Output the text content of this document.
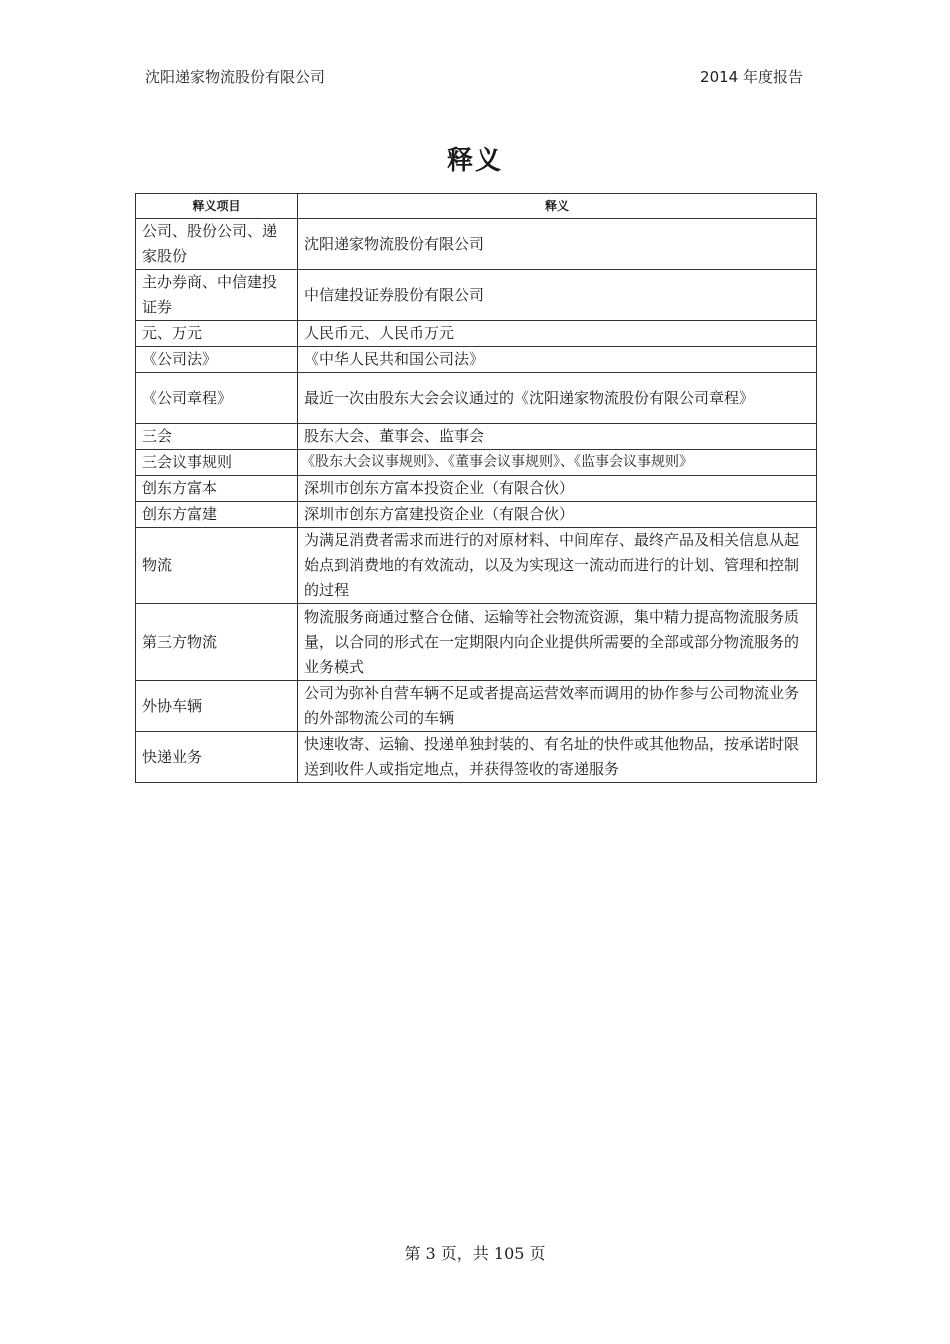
沈阳递家物流股份有限公司	2014 年度报告
释义
释义项目	释义
公司、股份公司、递家股份	沈阳递家物流股份有限公司
主办券商、中信建投证券	中信建投证券股份有限公司
元、万元	人民币元、人民币万元
《公司法》	《中华人民共和国公司法》
《公司章程》	最近一次由股东大会会议通过的《沈阳递家物流股份有限公司章程》
三会	股东大会、董事会、监事会
三会议事规则	《股东大会议事规则》、《董事会议事规则》、《监事会议事规则》
创东方富本	深圳市创东方富本投资企业（有限合伙）
创东方富建	深圳市创东方富建投资企业（有限合伙）
物流	为满足消费者需求而进行的对原材料、中间库存、最终产品及相关信息从起始点到消费地的有效流动，以及为实现这一流动而进行的计划、管理和控制的过程
第三方物流	物流服务商通过整合仓储、运输等社会物流资源，集中精力提高物流服务质量，以合同的形式在一定期限内向企业提供所需要的全部或部分物流服务的业务模式
外协车辆	公司为弥补自营车辆不足或者提高运营效率而调用的协作参与公司物流业务的外部物流公司的车辆
快递业务	快速收寄、运输、投递单独封装的、有名址的快件或其他物品，按承诺时限送到收件人或指定地点，并获得签收的寄递服务
第 3 页，共 105 页
